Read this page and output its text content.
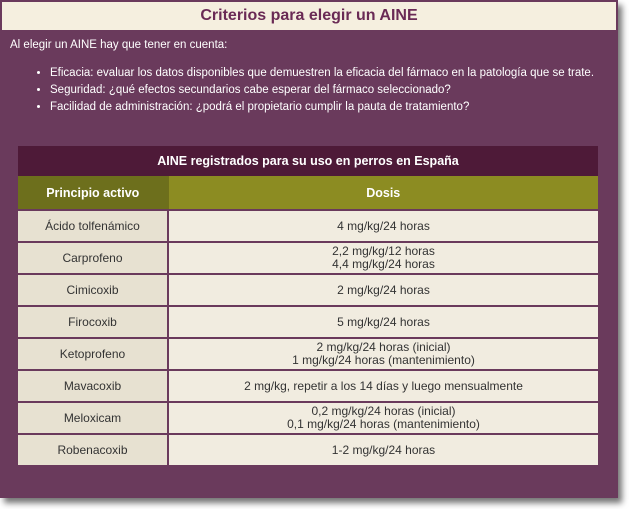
Criterios para elegir un AINE
Al elegir un AINE hay que tener en cuenta:
• Eficacia: evaluar los datos disponibles que demuestren la eficacia del fármaco en la patología que se trate.
• Seguridad: ¿qué efectos secundarios cabe esperar del fármaco seleccionado?
• Facilidad de administración: ¿podrá el propietario cumplir la pauta de tratamiento?
AINE registrados para su uso en perros en España	
Principio activo	Dosis
Ácido tolfenámico	4 mg/kg/24 horas

Carprofeno	2,2 mg/kg/12 horas
4,4 mg/kg/24 horas

Cimicoxib	2 mg/kg/24 horas

Firocoxib	5 mg/kg/24 horas

Ketoprofeno	2 mg/kg/24 horas (inicial)
1 mg/kg/24 horas (mantenimiento)

Mavacoxib	2 mg/kg, repetir a los 14 días y luego mensualmente

Meloxicam	0,2 mg/kg/24 horas (inicial)
0,1 mg/kg/24 horas (mantenimiento)

Robenacoxib	1-2 mg/kg/24 horas
